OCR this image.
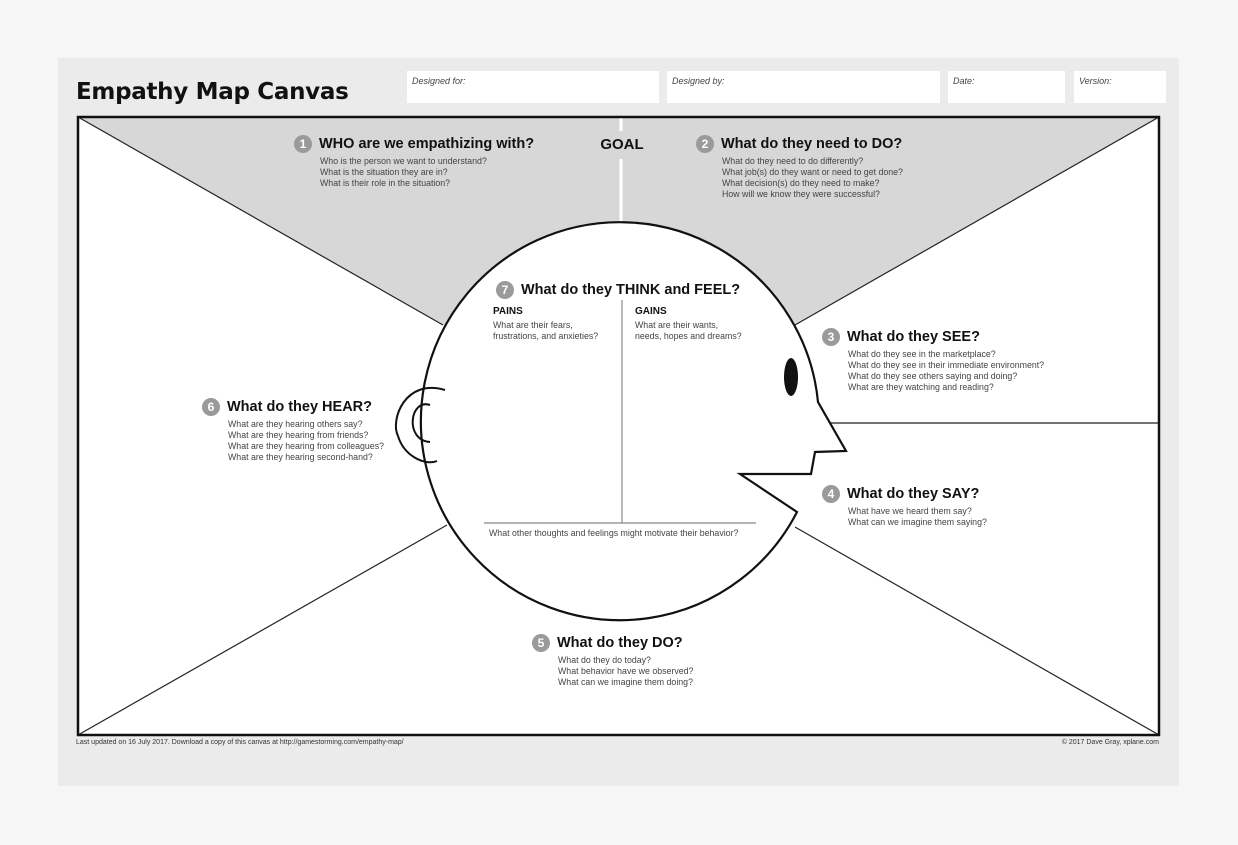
Empathy Map Canvas	Designed for:	Designed by:	Date:	Version:
GOAL
1 WHO are we empathizing with?
Who is the person we want to understand?
What is the situation they are in?
What is their role in the situation?
2 What do they need to DO?
What do they need to do differently?
What job(s) do they want or need to get done?
What decision(s) do they need to make?
How will we know they were successful?
3 What do they SEE?
What do they see in the marketplace?
What do they see in their immediate environment?
What do they see others saying and doing?
What are they watching and reading?
4 What do they SAY?
What have we heard them say?
What can we imagine them saying?
5 What do they DO?
What do they do today?
What behavior have we observed?
What can we imagine them doing?
6 What do they HEAR?
What are they hearing others say?
What are they hearing from friends?
What are they hearing from colleagues?
What are they hearing second-hand?
7 What do they THINK and FEEL?
PAINS
What are their fears,
frustrations, and anxieties?
GAINS
What are their wants,
needs, hopes and dreams?
What other thoughts and feelings might motivate their behavior?
Last updated on 16 July 2017. Download a copy of this canvas at http://gamestorming.com/empathy-map/	© 2017 Dave Gray, xplane.com
